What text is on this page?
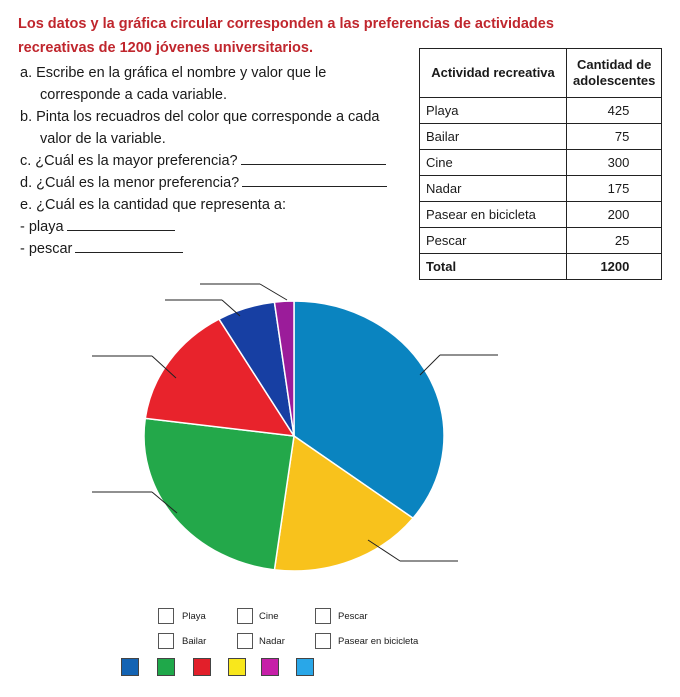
Los datos y la gráfica circular corresponden a las preferencias de actividades recreativas de 1200 jóvenes universitarios.
a. Escribe en la gráfica el nombre y valor que le
corresponde a cada variable.
b. Pinta los recuadros del color que corresponde a cada
valor de la variable.
c. ¿Cuál es la mayor preferencia?
d. ¿Cuál es la menor preferencia?
e. ¿Cuál es la cantidad que representa a:
- playa
- pescar
Actividad recreativa	Cantidad de
adolescentes
Playa	425
Bailar	75
Cine	300
Nadar	175
Pasear en bicicleta	200
Pescar	25
Total	1200
Playa	Cine	Pescar
Bailar	Nadar	Pasear en bicicleta
